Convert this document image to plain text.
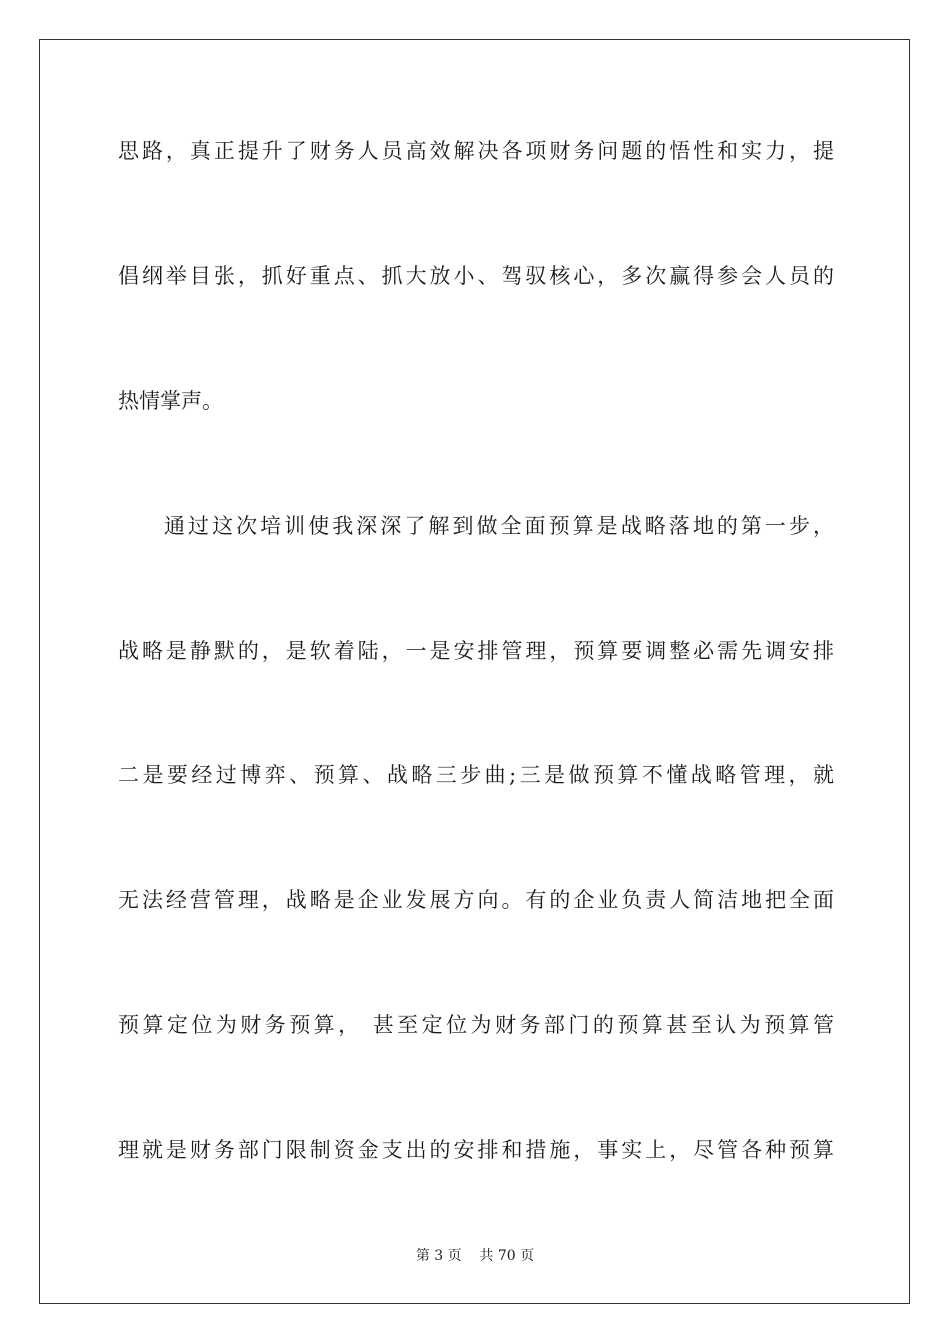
思路，真正提升了财务人员高效解决各项财务问题的悟性和实力，提
倡纲举目张，抓好重点、抓大放小、驾驭核心，多次赢得参会人员的
热情掌声。
通过这次培训使我深深了解到做全面预算是战略落地的第一步，
战略是静默的，是软着陆，一是安排管理，预算要调整必需先调安排
二是要经过博弈、预算、战略三步曲;三是做预算不懂战略管理，就
无法经营管理，战略是企业发展方向。有的企业负责人简洁地把全面
预算定位为财务预算， 甚至定位为财务部门的预算甚至认为预算管
理就是财务部门限制资金支出的安排和措施，事实上，尽管各种预算
第 3 页    共 70 页
